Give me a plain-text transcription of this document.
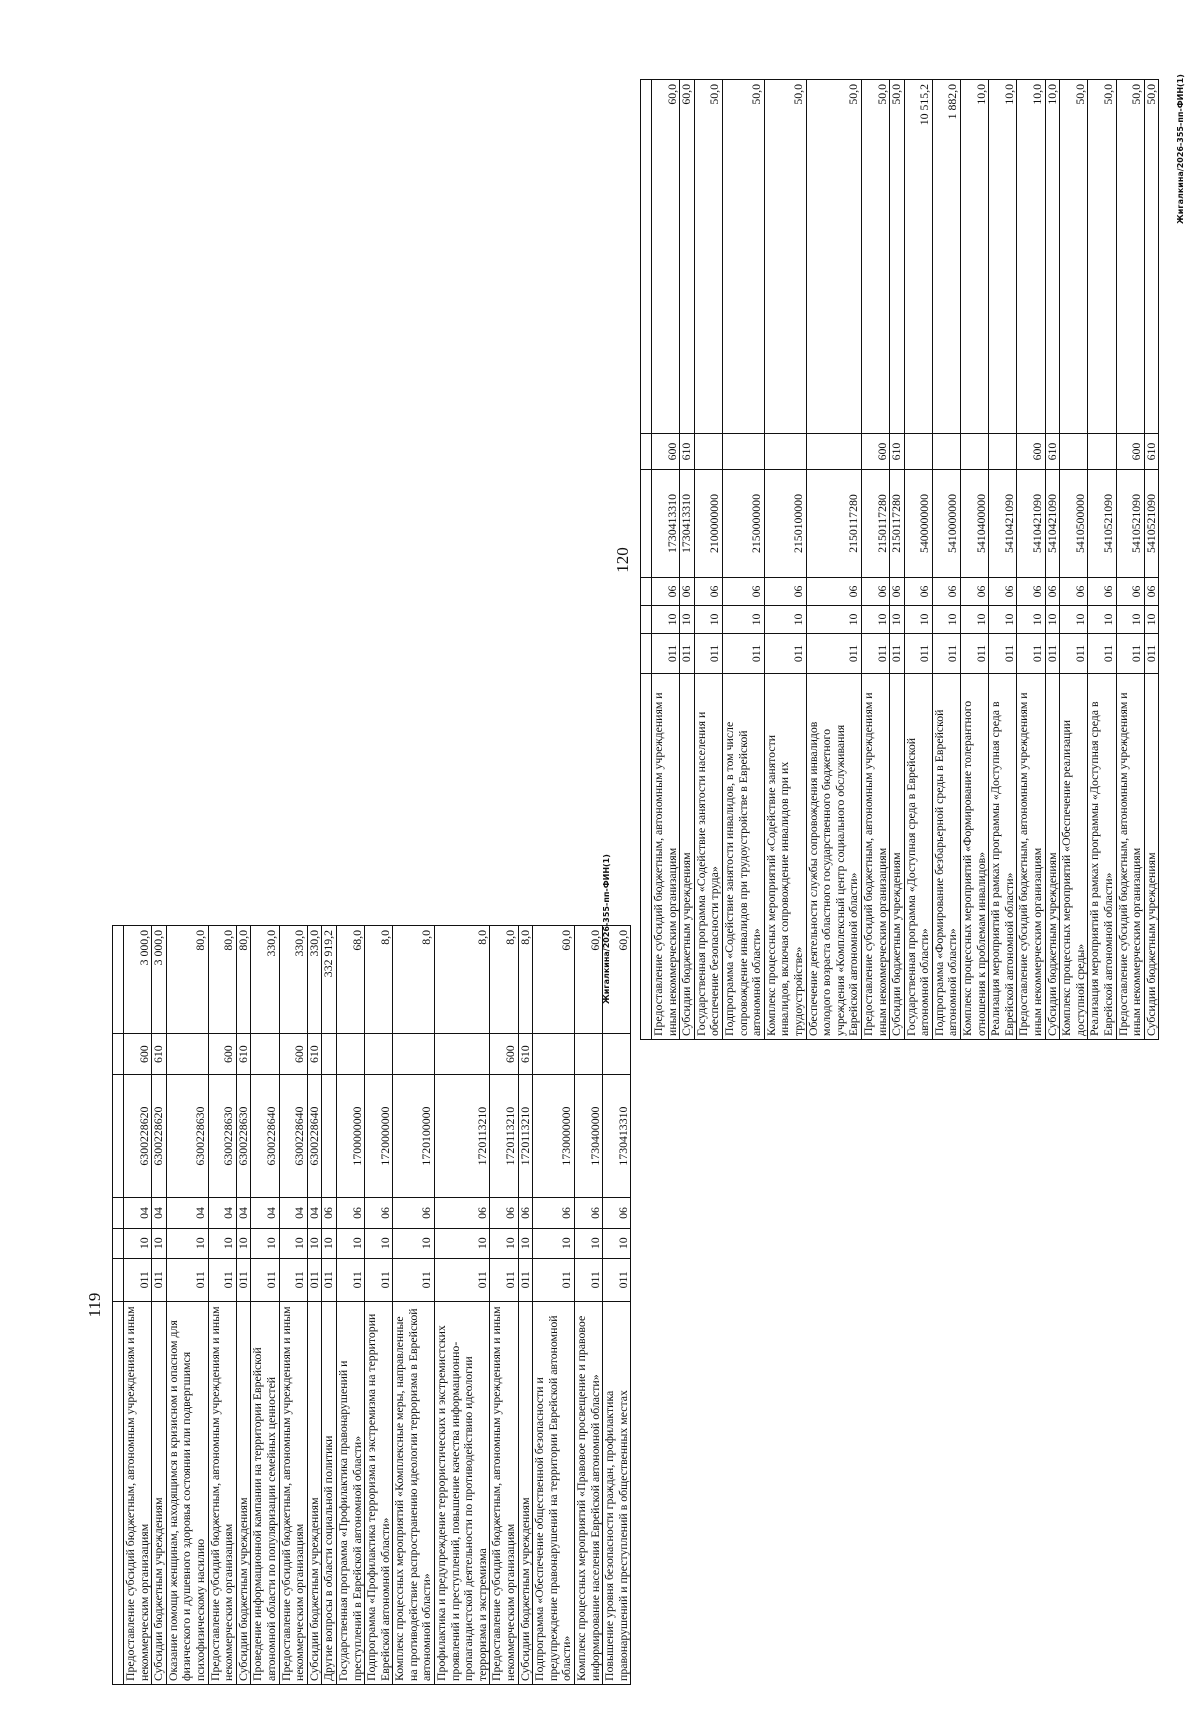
119

Предоставление субсидий бюджетным, автономным учреждениям и иным некоммерческим организациям	011	10	04	6300228620	600	3 000,0
Субсидии бюджетным учреждениям	011	10	04	6300228620	610	3 000,0
Оказание помощи женщинам, находящимся в кризисном и опасном для физического и душевного здоровья состоянии или подвергшимся психофизическому насилию	011	10	04	6300228630		80,0
Предоставление субсидий бюджетным, автономным учреждениям и иным некоммерческим организациям	011	10	04	6300228630	600	80,0
Субсидии бюджетным учреждениям	011	10	04	6300228630	610	80,0
Проведение информационной кампании на территории Еврейской автономной области по популяризации семейных ценностей	011	10	04	6300228640		330,0
Предоставление субсидий бюджетным, автономным учреждениям и иным некоммерческим организациям	011	10	04	6300228640	600	330,0
Субсидии бюджетным учреждениям	011	10	04	6300228640	610	330,0
Другие вопросы в области социальной политики	011	10	06			332 919,2
Государственная программа «Профилактика правонарушений и преступлений в Еврейской автономной области»	011	10	06	1700000000		68,0
Подпрограмма «Профилактика терроризма и экстремизма на территории Еврейской автономной области»	011	10	06	1720000000		8,0
Комплекс процессных мероприятий «Комплексные меры, направленные на противодействие распространению идеологии терроризма в Еврейской автономной области»	011	10	06	1720100000		8,0
Профилактика и предупреждение террористических и экстремистских проявлений и преступлений, повышение качества информационно-пропагандистской деятельности по противодействию идеологии терроризма и экстремизма	011	10	06	1720113210		8,0
Предоставление субсидий бюджетным, автономным учреждениям и иным некоммерческим организациям	011	10	06	1720113210	600	8,0
Субсидии бюджетным учреждениям	011	10	06	1720113210	610	8,0
Подпрограмма «Обеспечение общественной безопасности и предупреждение правонарушений на территории Еврейской автономной области»	011	10	06	1730000000		60,0
Комплекс процессных мероприятий «Правовое просвещение и правовое информирование населения Еврейской автономной области»	011	10	06	1730400000		60,0
Повышение уровня безопасности граждан, профилактика правонарушений и преступлений в общественных местах	011	10	06	1730413310		60,0
Жигалкина/2026-355-пп-ФИН(1)
120

Предоставление субсидий бюджетным, автономным учреждениям и иным некоммерческим организациям	011	10	06	1730413310	600	60,0
Субсидии бюджетным учреждениям	011	10	06	1730413310	610	60,0
Государственная программа «Содействие занятости населения и обеспечение безопасности труда»	011	10	06	2100000000		50,0
Подпрограмма «Содействие занятости инвалидов, в том числе сопровождение инвалидов при трудоустройстве в Еврейской автономной области»	011	10	06	2150000000		50,0
Комплекс процессных мероприятий «Содействие занятости инвалидов, включая сопровождение инвалидов при их трудоустройстве»	011	10	06	2150100000		50,0
Обеспечение деятельности службы сопровождения инвалидов молодого возраста областного государственного бюджетного учреждения «Комплексный центр социального обслуживания Еврейской автономной области»	011	10	06	2150117280		50,0
Предоставление субсидий бюджетным, автономным учреждениям и иным некоммерческим организациям	011	10	06	2150117280	600	50,0
Субсидии бюджетным учреждениям	011	10	06	2150117280	610	50,0
Государственная программа «Доступная среда в Еврейской автономной области»	011	10	06	5400000000		10 515,2
Подпрограмма «Формирование безбарьерной среды в Еврейской автономной области»	011	10	06	5410000000		1 882,0
Комплекс процессных мероприятий «Формирование толерантного отношения к проблемам инвалидов»	011	10	06	5410400000		10,0
Реализация мероприятий в рамках программы «Доступная среда в Еврейской автономной области»	011	10	06	5410421090		10,0
Предоставление субсидий бюджетным, автономным учреждениям и иным некоммерческим организациям	011	10	06	5410421090	600	10,0
Субсидии бюджетным учреждениям	011	10	06	5410421090	610	10,0
Комплекс процессных мероприятий «Обеспечение реализации доступной среды»	011	10	06	5410500000		50,0
Реализация мероприятий в рамках программы «Доступная среда в Еврейской автономной области»	011	10	06	5410521090		50,0
Предоставление субсидий бюджетным, автономным учреждениям и иным некоммерческим организациям	011	10	06	5410521090	600	50,0
Субсидии бюджетным учреждениям	011	10	06	5410521090	610	50,0 Жигалкина/2026-355-пп-ФИН(1)
